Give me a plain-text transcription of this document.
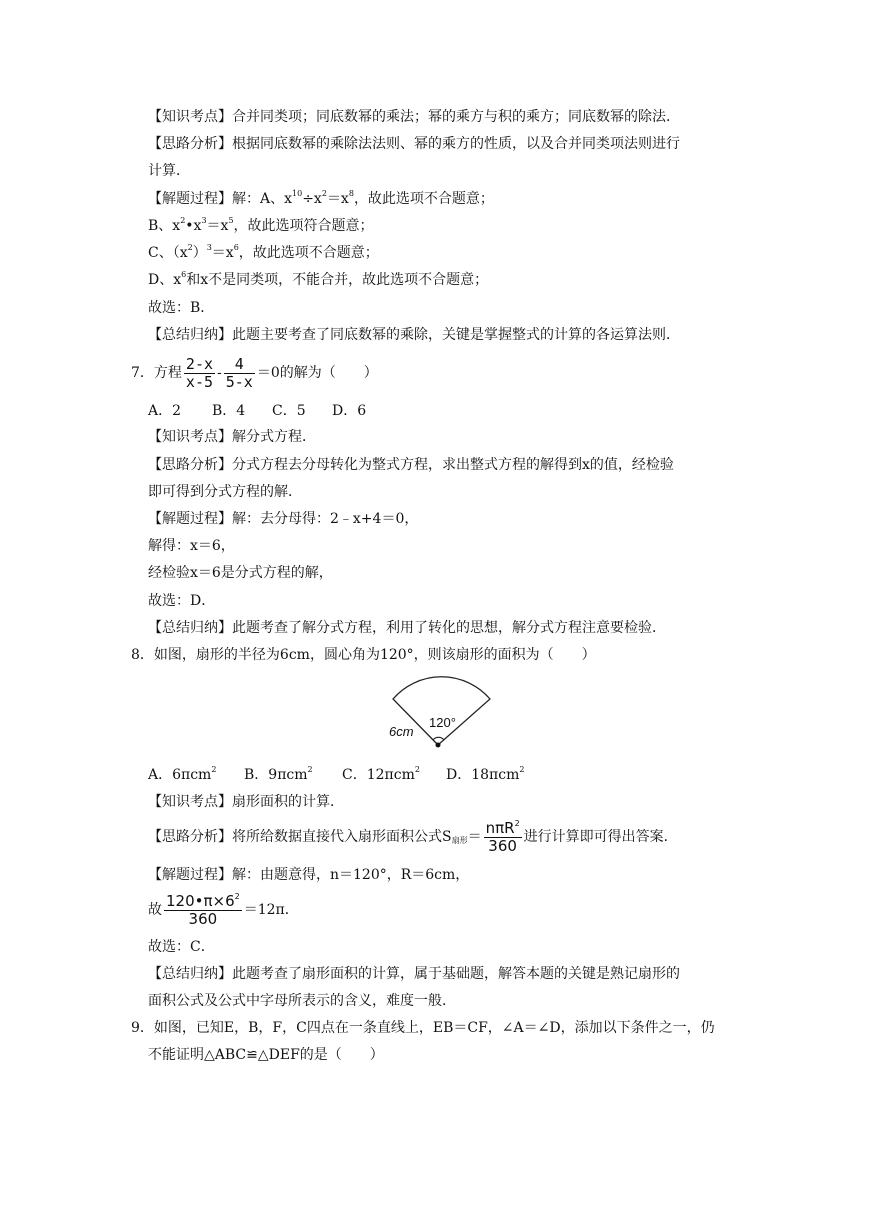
【知识考点】合并同类项；同底数幂的乘法；幂的乘方与积的乘方；同底数幂的除法．
【思路分析】根据同底数幂的乘除法法则、幂的乘方的性质，以及合并同类项法则进行
计算．
【解题过程】解：A、$x^{10}\div x^2=x^8$，故此选项不合题意；
B、$x^2•x^3=x^5$，故此选项符合题意；
C、$(x^2)^3=x^6$，故此选项不合题意；
D、$x^6$和x不是同类项，不能合并，故此选项不合题意；
故选：B．
【总结归纳】此题主要考查了同底数幂的乘除，关键是掌握整式的计算的各运算法则．
7．方程 $\frac{2-x}{x-5} - \frac{4}{5-x} =0$的解为（　　）
A．2 B．4 C．5 D．6
【知识考点】解分式方程．
【思路分析】分式方程去分母转化为整式方程，求出整式方程的解得到x的值，经检验
即可得到分式方程的解．
【解题过程】解：去分母得：2﹣x+4＝0，
解得：x＝6，
经检验x＝6是分式方程的解，
故选：D．
【总结归纳】此题考查了解分式方程，利用了转化的思想，解分式方程注意要检验．
8．如图，扇形的半径为6cm，圆心角为120°，则该扇形的面积为（　　）
120°
6cm
A．6πcm$^2$ B．9πcm$^2$ C．12πcm$^2$ D．18πcm$^2$
【知识考点】扇形面积的计算．
【思路分析】将所给数据直接代入扇形面积公式$S_{扇形}= \frac{n\pi R^2}{360}$ 进行计算即可得出答案．
【解题过程】解：由题意得，n＝120°，R＝6cm，
故 $\frac{120•\pi\times 6^2}{360} =12\pi$．
故选：C．
【总结归纳】此题考查了扇形面积的计算，属于基础题，解答本题的关键是熟记扇形的
面积公式及公式中字母所表示的含义，难度一般．
9．如图，已知E，B，F，C四点在一条直线上，EB＝CF，∠A＝∠D，添加以下条件之一，仍
不能证明△ABC≌△DEF的是（　　）
